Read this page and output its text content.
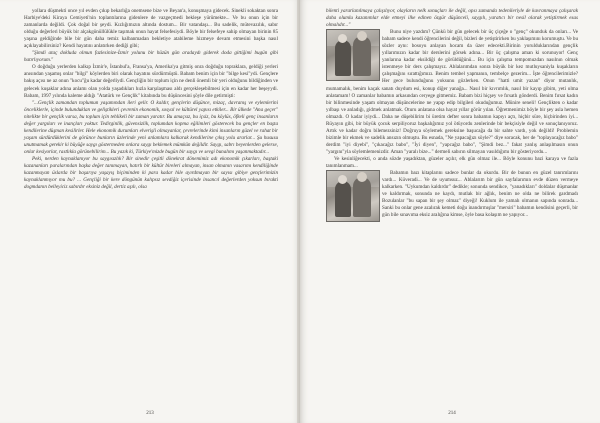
yollara düşmekti once yıl evden çıkıp bekarlığa onemsene bize ve Beyan'a, konuşmaya gidecek. Sinekli sokaktan sonra Harbiye'deki Kiraya Cemiyeti'nin toplantılarına gidenlere de vazgeçmedi bekleşe yürümekte... Ve bu onun için bir zamanlarda değildi. Çok doğal bir şeydi. Kızlığımızın altında dostum... Bir vatandaşı... Bu sadelik, mütevazılık, sabır olduğu değerleri büyük bir alçakgönüllülükle taşımak onun hayat felsefesiydi. Böyle bir felsefeye sahip olmayan birinin 85 yaşına geldiğinde bile bir gün daha temiz kalbanmadan bekletiye atabileme hizmeye devam etmesini başka nasıl açıklayabilirsiniz? Kendi hayatını anlatırken dediği gibi;

"Şimdi ataç dokluda olmun fazlesinize-İzmir yolunu bir hüzün gün aradaydı giderek doda gittiğimi bugün gibi hatırlıyorum."

O doğduğu yerlerden kalkıp İzmir'e, İstanbul'a, Fransa'ya, Amerika'ya gitmiş onra doğduğu topraklara, geldiği yerleri anısından yaşamış onlar "bilgi" köylerden biri olarak hayatını sürdürmüştü. Babam benim için bir "bilge kesi"ydi. Gençlere bakış açısı ne az onun "kocu"ğu kadar değerliydi. Gençliğin bir toplum için ne denli önemli bir yeri olduğunu bildiğinden ve gelecek kuşaklar adına anlamı olan yolda yaşadıkları hızla karşılaşması aldı gerçekleşebilmesi için en kadar her beşeyydi. Babam, 1997 yılında kaleme aldığı "Atatürk ve Gençlik" kitabında bu düşüncesini şöyle dile getirmişti:

"...Gençlik zamandan toplumun yaşamından ileri gelir. O kaldır, gençlerin düşünce, mizaç, davranış ve eylemlerini önceliklerle, içinde bulunduklan ve geliştikleri çevrenin ekonomik, sosyal ve kültürel yapısı etkiler... Bir ülkede "Ana geçer" nitelikte bir gençlik varsa, bu toplum için tehlikeli bir zaman yaratır. Bu amaçsız, bu içsiz, bu köylüs, öfkeli genç insanların değer yargıları ve inançları yoktur. Tedirginlik, güvensizlik, toplumdan kopma eğilimleri gösterecek bu gençler en başta kendilerine düşman kesilirler. Hele ekonomik durumları elverişli olmayanlar, çevrelerinde kimi insanların güzel ve rahat bir yaşam sürdürdüklerini de görünce bunların üzlerinde yeni anlamlara kalkarak kendilerine çıkış yolu ararlar... Şu hususu unutmamak gerekir ki büyüğe saygı göstermeden onlara saygı beklemek mümkün değildir. Saygı, sabrı beyenlerden gelerse, onlar kesiyorlar, rastlıkla görünebilirim... Bu yazık ki, Türkiye'mizde bugün bir saygı ve sevgi bunalımı yaşanmaktadır...

Peki, nerden kaynaklanıyor bu saygısızlık? Bir sinedir çeşitli dönekrat dönemimiz adı ekonomik çıkarları, baştaki kazananları paralarından başka değer tanımayan, hatırlı bir kültür bireleri almayan, insan olmanın vasarımı kendiliğinde kazanmayan üslarda bir başarıya yaşayış biçiminden ki para kadar hile ayırdmayan bir sayısı gibiye gençlerimizin kaynaklanmıyor mu bu? ... Gençliği bir kere döngünün kalıpsız sevdiğiz içerisinde insancıl değerlerden yoksun bırakti dogmdanın belleyiciz sabırdır eksiniz değil, dertiz aşılı, olsa

213

bilenti yararlanılmaya çalışılıyor, olayların nelk sonuçları ile değil, opsı zamanda tedenileriyle de kavranmaya çalışarak daha olumlu kazanımlar elde etmeyi ilke edinen özgür düşünceli, saygılı, yaratıcı bir nesil olarak yetiştirmek esas olmalıdır..."

Bunu niye yazdım? Çünkü bir gün gelecek bir üç çiçeğe o "genç" okunduk da onları... Ve babam sadece kendi öğrencilerini değil, bizleri de yetiştirirken bu yaklaşımını korumuştu. Ve bu sözler aynı: bosoyu anlayan hocam da üzer edecekti.Birinin yorulduklarından gençlik yıllarımızın kadar bir derslerini görsek adına... Bir üç çalışma aman ki sorunuyor! Genç yanlarına kadar eksildiği de görüldüğünü... Bu için çalışma tempomuzdan nasılnın olmak istenmeye bir ders çalışmayız. Ablalarımdan sonra büyük bir kez mutluysaniyla kuşakların çalışmağını sırattığımızı. Benim tembel yapmanın, tembelçe gezerim... İşte öğrencilerimizle? Her gece bulunduğunu yoksunu gözlerken. Onun "hatti umit yazan" diyor mutanlık, mumamalık, benim kaçak sanatı duydum esi, konup diğer yanağa... Nasıl bir kıvrımlık, nasıl bir kayıp gibim, yeti olma anlatamam! O zamanlar babamın arkasından ceryege gitmemiz. Babam bizi hiçşey ve fırsatlı gönderdi. Benim fırsat kadın bir bilinmesinde yaşam olmayan düşüncelerine ne yapıp edip bilgileri okuduğumuz. Münire seneli! Gençlikten o kadar yılbaşı ve anladığı, gidmek anlatmak. Oturu anlatana olsa hayat yıllar görür yılan. Öğretmenimiz böyle bir şey asla hemen olmazdı. O kadar iyiydi... Daha ne düşebilirim bi üretim defter sonra babamın kapıyı açtı, hiçbir süre, hiçbirinden iyi... Rüyayın gibi, bir büyük çocuk serpiliyoruz başkalığımız yol ötüyordu zenlerinde bir bekçisiyle değil ve sonuçlanıyoruz. Artık ve kadar doğru bilemezsiniz! Doğruya söylemek gereksine başucağa da bir sahte vardı, yok değildi! Problemin bizimle bir ekmek ve sadelik ansızın olmuştu. Bu esnada, "Ne yapacağızı söyle?" diye soracak, her de "toplayacağız babo" derdim "iyi diyebi", "çıkacağız babo", "İyi diyen", "yapcağız babo", "Şimdi bez..." fakat yanlış anlaşılmasın onun "yargını"yla söylemlemenizdir. Aman "yaralı bize..." dermeli sabırın silmayan vasıldığımı bir gösteriyordu...

Ve kesinliğecekti, o anda sözde yaşadıktan, güzeler açılır, elk gün olmaz ile... Böyle konunu bazi karaya ve fazla tanımlanmam...

Babamın bazı kitaplarını sadece bunlar da okurdu. Bir de bunun en güzel tanrımlarını vardı... Küveradi... Ve de uyumsuz... Ablalarım bir gün sayfalarımın evde düzen vermeye kalkarken. "Uykumdan kaldırdır" dedikle; sonunda sendikce, "yanadıkları" doldalar düşmanlar ve kaldırmak, sonunda ne kaydı, mutlak bir ağlık, benim ne olda ne bilirek gardmadı Bozulanlar "bu sapan bir şey olmaz" diyeği! Kuklum ile yamalı olmanın sapında sonrada... Sanki bu onlar gene azalırak kemeti doğu inandırmışlar "mersiri" babamın kendisini geçerli, bir gün bile sınavıma eksiz aralığına kimse, öyle basa kolaşım ne yapıyor...

214
